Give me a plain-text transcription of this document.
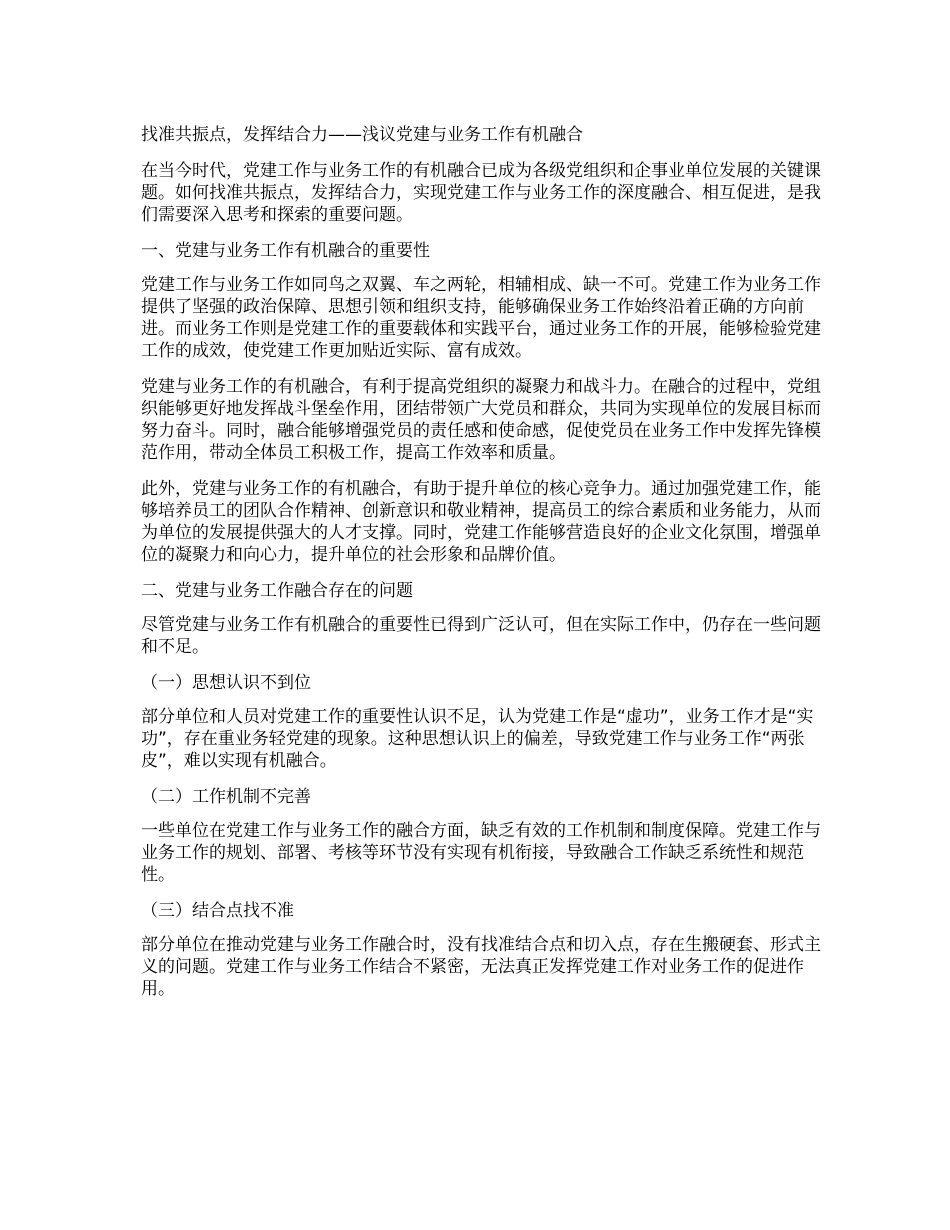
找准共振点，发挥结合力——浅议党建与业务工作有机融合

在当今时代，党建工作与业务工作的有机融合已成为各级党组织和企事业单位发展的关键课题。如何找准共振点，发挥结合力，实现党建工作与业务工作的深度融合、相互促进，是我们需要深入思考和探索的重要问题。

一、党建与业务工作有机融合的重要性

党建工作与业务工作如同鸟之双翼、车之两轮，相辅相成、缺一不可。党建工作为业务工作提供了坚强的政治保障、思想引领和组织支持，能够确保业务工作始终沿着正确的方向前进。而业务工作则是党建工作的重要载体和实践平台，通过业务工作的开展，能够检验党建工作的成效，使党建工作更加贴近实际、富有成效。

党建与业务工作的有机融合，有利于提高党组织的凝聚力和战斗力。在融合的过程中，党组织能够更好地发挥战斗堡垒作用，团结带领广大党员和群众，共同为实现单位的发展目标而努力奋斗。同时，融合能够增强党员的责任感和使命感，促使党员在业务工作中发挥先锋模范作用，带动全体员工积极工作，提高工作效率和质量。

此外，党建与业务工作的有机融合，有助于提升单位的核心竞争力。通过加强党建工作，能够培养员工的团队合作精神、创新意识和敬业精神，提高员工的综合素质和业务能力，从而为单位的发展提供强大的人才支撑。同时，党建工作能够营造良好的企业文化氛围，增强单位的凝聚力和向心力，提升单位的社会形象和品牌价值。

二、党建与业务工作融合存在的问题

尽管党建与业务工作有机融合的重要性已得到广泛认可，但在实际工作中，仍存在一些问题和不足。

（一）思想认识不到位

部分单位和人员对党建工作的重要性认识不足，认为党建工作是“虚功”，业务工作才是“实功”，存在重业务轻党建的现象。这种思想认识上的偏差，导致党建工作与业务工作“两张皮”，难以实现有机融合。

（二）工作机制不完善

一些单位在党建工作与业务工作的融合方面，缺乏有效的工作机制和制度保障。党建工作与业务工作的规划、部署、考核等环节没有实现有机衔接，导致融合工作缺乏系统性和规范性。

（三）结合点找不准

部分单位在推动党建与业务工作融合时，没有找准结合点和切入点，存在生搬硬套、形式主义的问题。党建工作与业务工作结合不紧密，无法真正发挥党建工作对业务工作的促进作用。
